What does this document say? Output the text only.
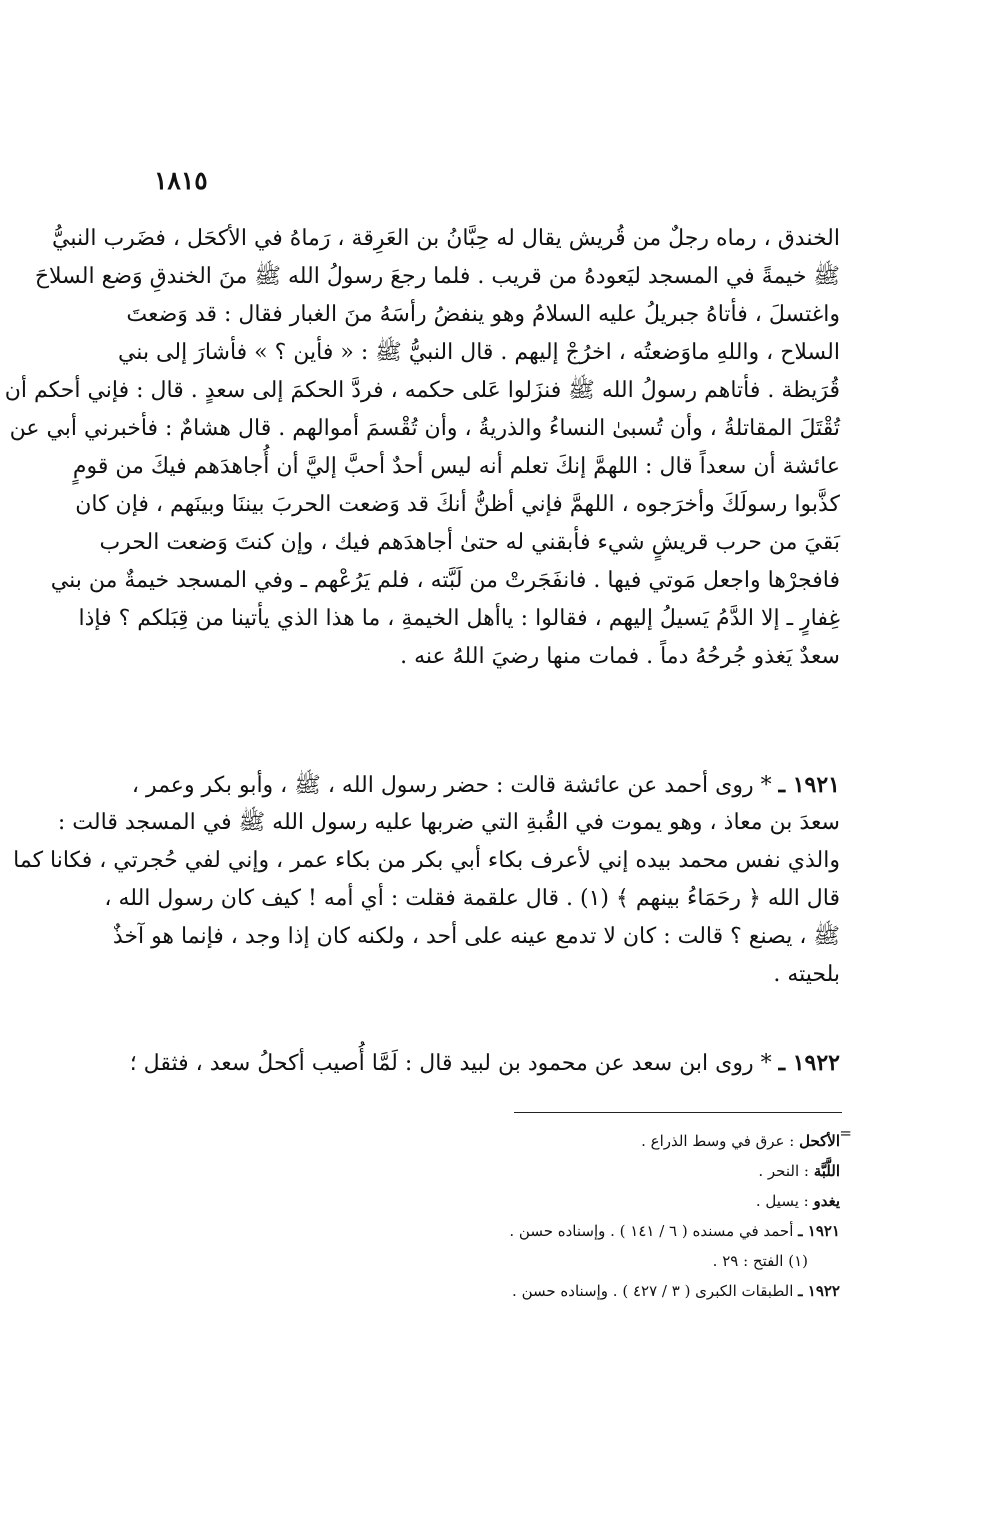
١٨١٥
الخندق ، رماه رجلٌ من قُريش يقال له حِبَّانُ بن العَرِقة ، رَماهُ في الأكحَل ، فضَرب النبيُّ
ﷺ خيمةً في المسجد ليَعودهُ من قريب . فلما رجعَ رسولُ الله ﷺ منَ الخندقِ وَضع السلاحَ
واغتسلَ ، فأتاهُ جبريلُ عليه السلامُ وهو ينفضُ رأسَهُ منَ الغبار فقال : قد وَضعتَ
السلاح ، واللهِ ماوَضعتُه ، اخرُجْ إليهم . قال النبيُّ ﷺ : « فأين ؟ » فأشارَ إلى بني
قُرَيظة . فأتاهم رسولُ الله ﷺ فنزَلوا عَلى حكمه ، فردَّ الحكمَ إلى سعدٍ . قال : فإني أحكم أن
تُقْتَلَ المقاتلةُ ، وأن تُسبىٰ النساءُ والذريةُ ، وأن تُقْسمَ أموالهم . قال هشامٌ : فأخبرني أبي عن
عائشة أن سعداً قال : اللهمَّ إنكَ تعلم أنه ليس أحدٌ أحبَّ إليَّ أن أُجاهدَهم فيكَ من قومٍ
كذَّبوا رسولَكَ وأخرَجوه ، اللهمَّ فإني أظنُّ أنكَ قد وَضعت الحربَ بيننَا وبينَهم ، فإن كان
بَقيَ من حرب قريشٍ شيء فأبقني له حتىٰ أجاهدَهم فيك ، وإن كنتَ وَضعت الحرب
فافجرْها واجعل مَوتي فيها . فانفَجَرتْ من لَبَّته ، فلم يَرُعْهم ـ وفي المسجد خيمةٌ من بني
غِفارٍ ـ إلا الدَّمُ يَسيلُ إليهم ، فقالوا : ياأهل الخيمةِ ، ما هذا الذي يأتينا من قِبَلكم ؟ فإذا
سعدٌ يَغذو جُرحُهُ دماً . فمات منها رضيَ اللهُ عنه .
١٩٢١ ـ * روى أحمد عن عائشة قالت : حضر رسول الله ، ﷺ ، وأبو بكر وعمر ،
سعدَ بن معاذ ، وهو يموت في القُبةِ التي ضربها عليه رسول الله ﷺ في المسجد قالت :
والذي نفس محمد بيده إني لأعرف بكاء أبي بكر من بكاء عمر ، وإني لفي حُجرتي ، فكانا كما
قال الله ﴿ رحَمَاءُ بينهم ﴾ (١) . قال علقمة فقلت : أي أمه ! كيف كان رسول الله ،
ﷺ ، يصنع ؟ قالت : كان لا تدمع عينه على أحد ، ولكنه كان إذا وجد ، فإنما هو آخذٌ
بلحيته .
١٩٢٢ ـ * روى ابن سعد عن محمود بن لبيد قال : لَمَّا أُصيب أكحلُ سعد ، فثقل ؛
=
الأكحل : عرق في وسط الذراع .
اللَّبَّة : النحر .
يغدو : يسيل .
١٩٢١ ـ أحمد في مسنده ( ٦ / ١٤١ ) . وإسناده حسن .
(١) الفتح : ٢٩ .
١٩٢٢ ـ الطبقات الكبرى ( ٣ / ٤٢٧ ) . وإسناده حسن .
